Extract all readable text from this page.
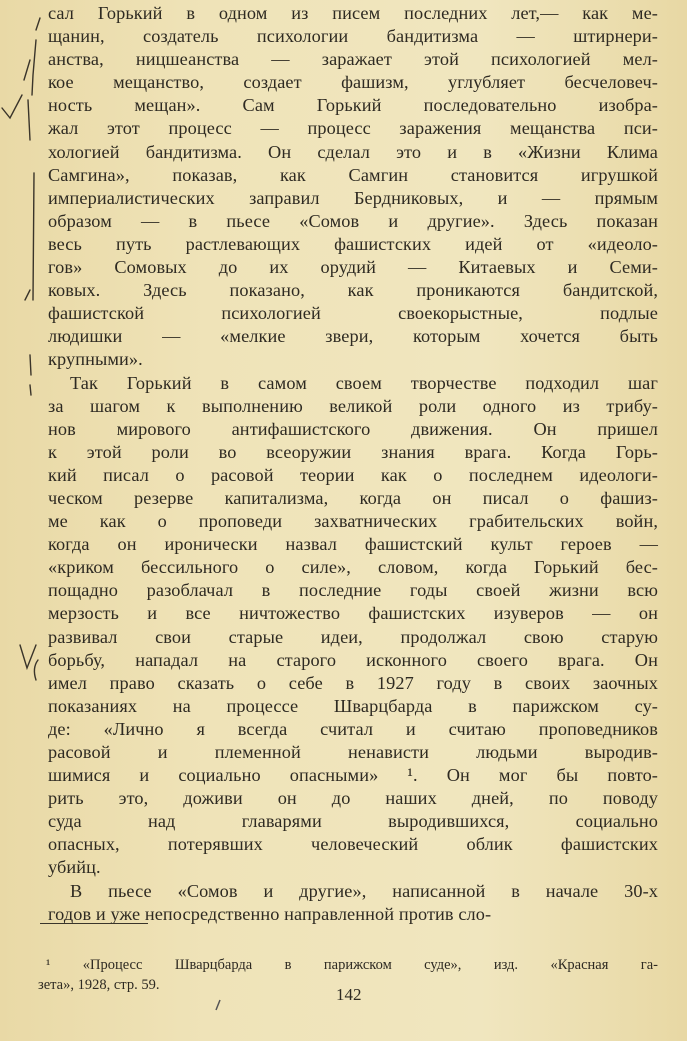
сал Горький в одном из писем последних лет,— как ме-
щанин, создатель психологии бандитизма — штирнери-
анства, ницшеанства — заражает этой психологией мел-
кое мещанство, создает фашизм, углубляет бесчеловеч-
ность мещан». Сам Горький последовательно изобра-
жал этот процесс — процесс заражения мещанства пси-
хологией бандитизма. Он сделал это и в «Жизни Клима
Самгина», показав, как Самгин становится игрушкой
империалистических заправил Бердниковых, и — прямым
образом — в пьесе «Сомов и другие». Здесь показан
весь путь растлевающих фашистских идей от «идеоло-
гов» Сомовых до их орудий — Китаевых и Семи-
ковых. Здесь показано, как проникаются бандитской,
фашистской психологией своекорыстные, подлые
людишки — «мелкие звери, которым хочется быть
крупными».
Так Горький в самом своем творчестве подходил шаг
за шагом к выполнению великой роли одного из трибу-
нов мирового антифашистского движения. Он пришел
к этой роли во всеоружии знания врага. Когда Горь-
кий писал о расовой теории как о последнем идеологи-
ческом резерве капитализма, когда он писал о фашиз-
ме как о проповеди захватнических грабительских войн,
когда он иронически назвал фашистский культ героев —
«криком бессильного о силе», словом, когда Горький бес-
пощадно разоблачал в последние годы своей жизни всю
мерзость и все ничтожество фашистских изуверов — он
развивал свои старые идеи, продолжал свою старую
борьбу, нападал на старого исконного своего врага. Он
имел право сказать о себе в 1927 году в своих заочных
показаниях на процессе Шварцбарда в парижском су-
де: «Лично я всегда считал и считаю проповедников
расовой и племенной ненависти людьми выродив-
шимися и социально опасными» ¹. Он мог бы повто-
рить это, доживи он до наших дней, по поводу
суда над главарями выродившихся, социально
опасных, потерявших человеческий облик фашистских
убийц.
В пьесе «Сомов и другие», написанной в начале 30-х
годов и уже непосредственно направленной против сло-
¹ «Процесс Шварцбарда в парижском суде», изд. «Красная га-
зета», 1928, стр. 59.	142
